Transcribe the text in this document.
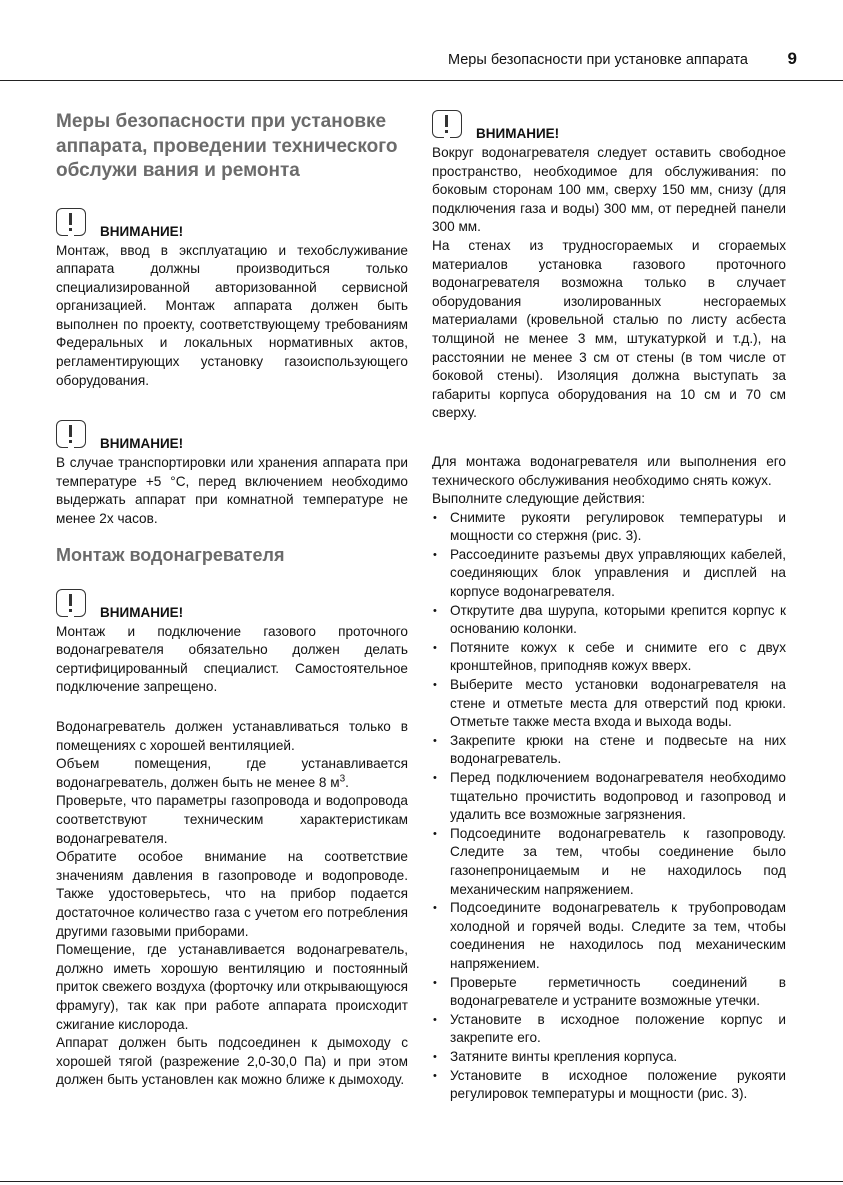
Меры безопасности при установке аппарата 9
Меры безопасности при установке аппарата, проведении технического обслужи вания и ремонта
ВНИМАНИЕ!

Монтаж, ввод в эксплуатацию и техобслуживание аппарата должны производиться только специализированной авторизованной сервисной организацией. Монтаж аппарата должен быть выполнен по проекту, соответствующему требованиям Федеральных и локальных нормативных актов, регламентирующих установку газоиспользующего оборудования.

ВНИМАНИЕ!

В случае транспортировки или хранения аппарата при температуре +5 °С, перед включением необходимо выдержать аппарат при комнатной температуре не менее 2х часов.

Монтаж водонагревателя
ВНИМАНИЕ!

Монтаж и подключение газового проточного водонагревателя обязательно должен делать сертифицированный специалист. Самостоятельное подключение запрещено.

Водонагреватель должен устанавливаться только в помещениях с хорошей вентиляцией.

Объем помещения, где устанавливается водонагреватель, должен быть не менее 8 $м^3$.

Проверьте, что параметры газопровода и водопровода соответствуют техническим характеристикам водонагревателя.

Обратите особое внимание на соответствие значениям давления в газопроводе и водопроводе. Также удостоверьтесь, что на прибор подается достаточное количество газа с учетом его потребления другими газовыми приборами.

Помещение, где устанавливается водонагреватель, должно иметь хорошую вентиляцию и постоянный приток свежего воздуха (форточку или открывающуюся фрамугу), так как при работе аппарата происходит сжигание кислорода.

Аппарат должен быть подсоединен к дымоходу с хорошей тягой (разрежение 2,0-30,0 Па) и при этом должен быть установлен как можно ближе к дымоходу.

ВНИМАНИЕ!

Вокруг водонагревателя следует оставить свободное пространство, необходимое для обслуживания: по боковым сторонам 100 мм, сверху 150 мм, снизу (для подключения газа и воды) 300 мм, от передней панели 300 мм.

На стенах из трудносгораемых и сгораемых материалов установка газового проточного водонагревателя возможна только в случает оборудования изолированных несгораемых материалами (кровельной сталью по листу асбеста толщиной не менее 3 мм, штукатуркой и т.д.), на расстоянии не менее 3 см от стены (в том числе от боковой стены). Изоляция должна выступать за габариты корпуса оборудования на 10 см и 70 см сверху.

Для монтажа водонагревателя или выполнения его технического обслуживания необходимо снять кожух.

Выполните следующие действия:

• Снимите рукояти регулировок температуры и мощности со стержня (рис. 3).
• Рассоедините разъемы двух управляющих кабелей, соединяющих блок управления и дисплей на корпусе водонагревателя.
• Открутите два шурупа, которыми крепится корпус к основанию колонки.
• Потяните кожух к себе и снимите его с двух кронштейнов, приподняв кожух вверх.
• Выберите место установки водонагревателя на стене и отметьте места для отверстий под крюки. Отметьте также места входа и выхода воды.
• Закрепите крюки на стене и подвесьте на них водонагреватель.
• Перед подключением водонагревателя необходимо тщательно прочистить водопровод и газопровод и удалить все возможные загрязнения.
• Подсоедините водонагреватель к газопроводу. Следите за тем, чтобы соединение было газонепроницаемым и не находилось под механическим напряжением.
• Подсоедините водонагреватель к трубопроводам холодной и горячей воды. Следите за тем, чтобы соединения не находилось под механическим напряжением.
• Проверьте герметичность соединений в водонагревателе и устраните возможные утечки.
• Установите в исходное положение корпус и закрепите его.
• Затяните винты крепления корпуса.
• Установите в исходное положение рукояти регулировок температуры и мощности (рис. 3).
